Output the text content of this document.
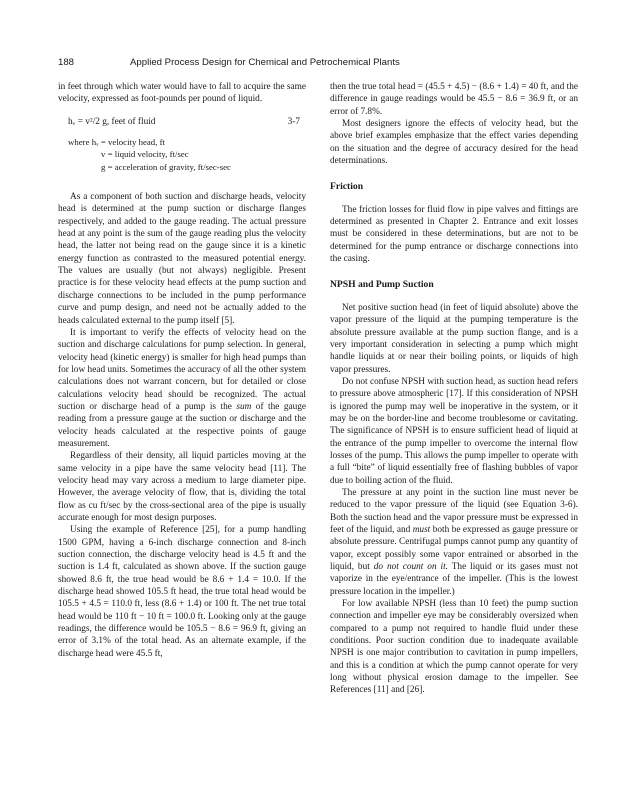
188	Applied Process Design for Chemical and Petrochemical Plants

in feet through which water would have to fall to acquire the same velocity, expressed as foot-pounds per pound of liquid.

hᵥ = v²/2 g, feet of fluid	3-7
where hᵥ = velocity head, ft
v = liquid velocity, ft/sec
g = acceleration of gravity, ft/sec-sec

As a component of both suction and discharge heads, velocity head is determined at the pump suction or discharge flanges respectively, and added to the gauge reading. The actual pressure head at any point is the sum of the gauge reading plus the velocity head, the latter not being read on the gauge since it is a kinetic energy function as contrasted to the measured potential energy. The values are usually (but not always) negligible. Present practice is for these velocity head effects at the pump suction and discharge connections to be included in the pump performance curve and pump design, and need not be actually added to the heads calculated external to the pump itself [5].

It is important to verify the effects of velocity head on the suction and discharge calculations for pump selection. In general, velocity head (kinetic energy) is smaller for high head pumps than for low head units. Sometimes the accuracy of all the other system calculations does not warrant concern, but for detailed or close calculations velocity head should be recognized. The actual suction or discharge head of a pump is the sum of the gauge reading from a pressure gauge at the suction or discharge and the velocity heads calculated at the respective points of gauge measurement.

Regardless of their density, all liquid particles moving at the same velocity in a pipe have the same velocity head [11]. The velocity head may vary across a medium to large diameter pipe. However, the average velocity of flow, that is, dividing the total flow as cu ft/sec by the cross-sectional area of the pipe is usually accurate enough for most design purposes.

Using the example of Reference [25], for a pump handling 1500 GPM, having a 6-inch discharge connection and 8-inch suction connection, the discharge velocity head is 4.5 ft and the suction is 1.4 ft, calculated as shown above. If the suction gauge showed 8.6 ft, the true head would be 8.6 + 1.4 = 10.0. If the discharge head showed 105.5 ft head, the true total head would be 105.5 + 4.5 = 110.0 ft, less (8.6 + 1.4) or 100 ft. The net true total head would be 110 ft − 10 ft = 100.0 ft. Looking only at the gauge readings, the difference would be 105.5 − 8.6 = 96.9 ft, giving an error of 3.1% of the total head. As an alternate example, if the discharge head were 45.5 ft,

then the true total head = (45.5 + 4.5) − (8.6 + 1.4) = 40 ft, and the difference in gauge readings would be 45.5 − 8.6 = 36.9 ft, or an error of 7.8%.

Most designers ignore the effects of velocity head, but the above brief examples emphasize that the effect varies depending on the situation and the degree of accuracy desired for the head determinations.

Friction

The friction losses for fluid flow in pipe valves and fittings are determined as presented in Chapter 2. Entrance and exit losses must be considered in these determinations, but are not to be determined for the pump entrance or discharge connections into the casing.

NPSH and Pump Suction

Net positive suction head (in feet of liquid absolute) above the vapor pressure of the liquid at the pumping temperature is the absolute pressure available at the pump suction flange, and is a very important consideration in selecting a pump which might handle liquids at or near their boiling points, or liquids of high vapor pressures.

Do not confuse NPSH with suction head, as suction head refers to pressure above atmospheric [17]. If this consideration of NPSH is ignored the pump may well be inoperative in the system, or it may be on the border-line and become troublesome or cavitating. The significance of NPSH is to ensure sufficient head of liquid at the entrance of the pump impeller to overcome the internal flow losses of the pump. This allows the pump impeller to operate with a full “bite” of liquid essentially free of flashing bubbles of vapor due to boiling action of the fluid.

The pressure at any point in the suction line must never be reduced to the vapor pressure of the liquid (see Equation 3-6). Both the suction head and the vapor pressure must be expressed in feet of the liquid, and must both be expressed as gauge pressure or absolute pressure. Centrifugal pumps cannot pump any quantity of vapor, except possibly some vapor entrained or absorbed in the liquid, but do not count on it. The liquid or its gases must not vaporize in the eye/entrance of the impeller. (This is the lowest pressure location in the impeller.)

For low available NPSH (less than 10 feet) the pump suction connection and impeller eye may be considerably oversized when compared to a pump not required to handle fluid under these conditions. Poor suction condition due to inadequate available NPSH is one major contribution to cavitation in pump impellers, and this is a condition at which the pump cannot operate for very long without physical erosion damage to the impeller. See References [11] and [26].
